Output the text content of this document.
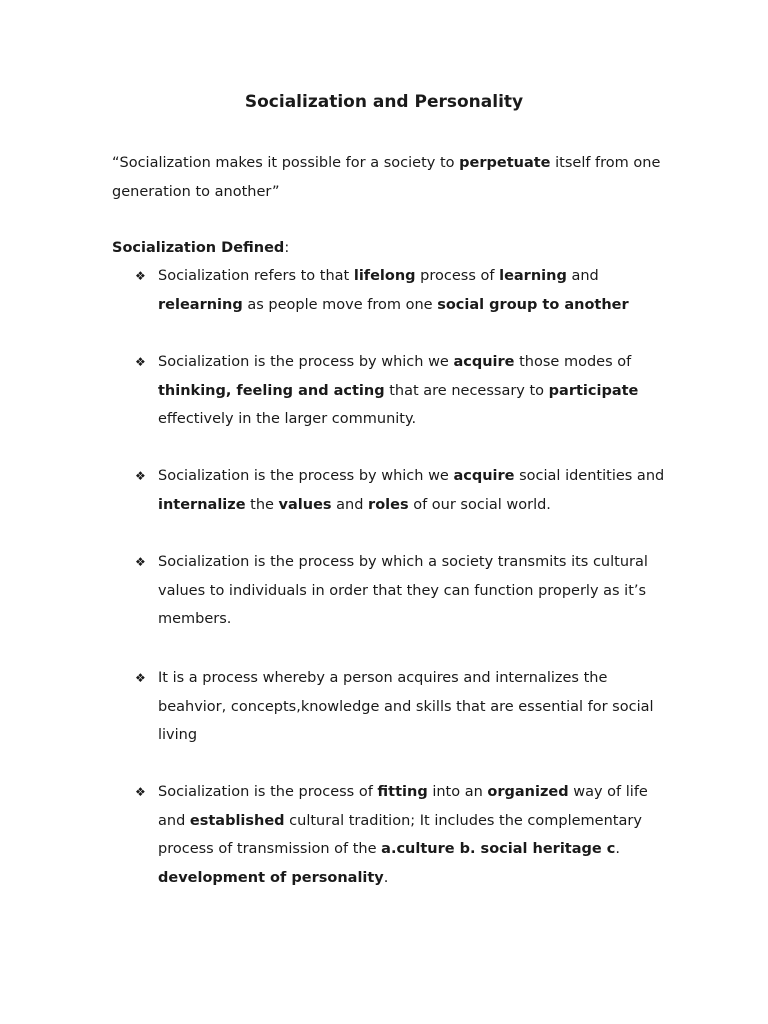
Socialization and Personality
“Socialization makes it possible for a society to perpetuate itself from one generation to another”
Socialization Defined:
❖ Socialization refers to that lifelong process of learning and
relearning as people move from one social group to another
❖ Socialization is the process by which we acquire those modes of
thinking, feeling and acting that are necessary to participate
effectively in the larger community.
❖ Socialization is the process by which we acquire social identities and
internalize the values and roles of our social world.
❖ Socialization is the process by which a society transmits its cultural values to individuals in order that they can function properly as it’s members.
❖ It is a process whereby a person acquires and internalizes the beahvior, concepts,knowledge and skills that are essential for social living
❖ Socialization is the process of fitting into an organized way of life and established cultural tradition; It includes the complementary process of transmission of the a.culture b. social heritage c.
development of personality.
